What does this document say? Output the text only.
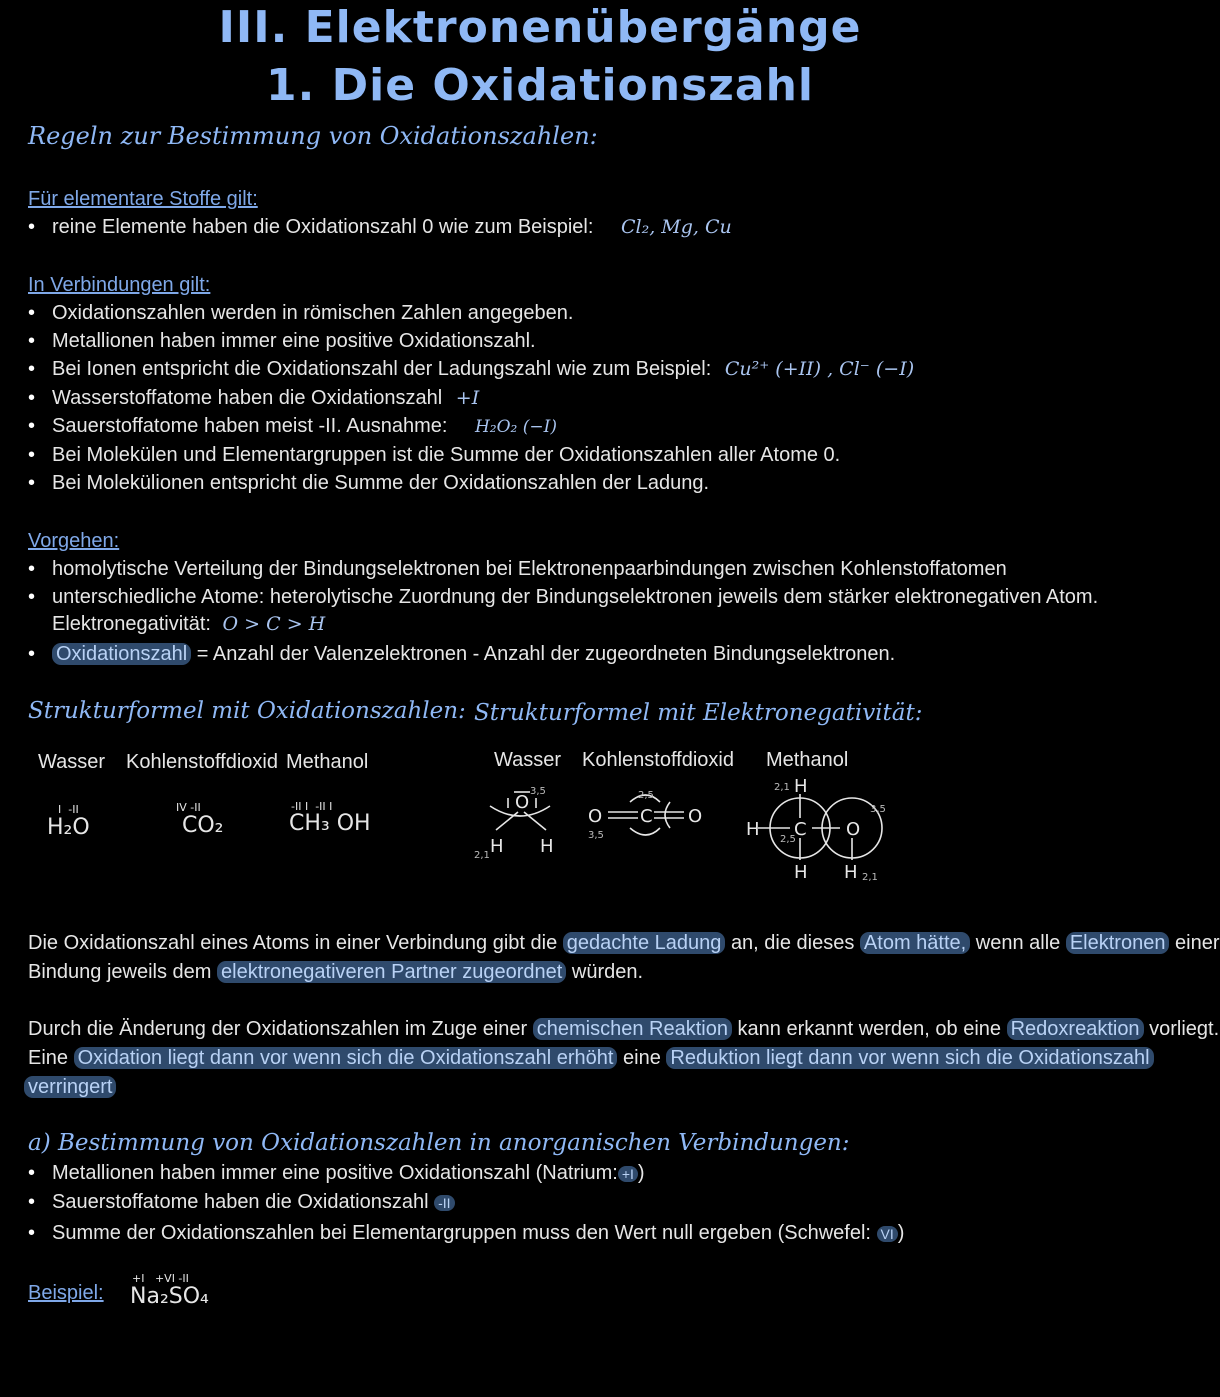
III. Elektronenübergänge
1. Die Oxidationszahl
Regeln zur Bestimmung von Oxidationszahlen:
Für elementare Stoffe gilt:
• reine Elemente haben die Oxidationszahl 0 wie zum Beispiel: Cl₂, Mg, Cu
In Verbindungen gilt:
• Oxidationszahlen werden in römischen Zahlen angegeben.
• Metallionen haben immer eine positive Oxidationszahl.
• Bei Ionen entspricht die Oxidationszahl der Ladungszahl wie zum Beispiel: Cu²⁺ (+II) , Cl⁻ (−I)
• Wasserstoffatome haben die Oxidationszahl +I
• Sauerstoffatome haben meist -II. Ausnahme: H₂O₂ (−I)
• Bei Molekülen und Elementargruppen ist die Summe der Oxidationszahlen aller Atome 0.
• Bei Molekülionen entspricht die Summe der Oxidationszahlen der Ladung.
Vorgehen:
• homolytische Verteilung der Bindungselektronen bei Elektronenpaarbindungen zwischen Kohlenstoffatomen
• unterschiedliche Atome: heterolytische Zuordnung der Bindungselektronen jeweils dem stärker elektronegativen Atom.
Elektronegativität: O > C > H
• Oxidationszahl = Anzahl der Valenzelektronen - Anzahl der zugeordneten Bindungselektronen.
Strukturformel mit Oxidationszahlen:
Wasser Kohlenstoffdioxid Methanol
I  -II
H₂O
IV -II
CO₂
-II I  -II I
CH₃ OH
Strukturformel mit Elektronegativität:
Wasser Kohlenstoffdioxid Methanol
O
H H
O C O
H
H C O
H H
3,5
2,1
2,5
3,5
2,1
2,5
3,5
2,1
Die Oxidationszahl eines Atoms in einer Verbindung gibt die gedachte Ladung an, die dieses Atom hätte, wenn alle Elektronen einer
Bindung jeweils dem elektronegativeren Partner zugeordnet würden.
Durch die Änderung der Oxidationszahlen im Zuge einer chemischen Reaktion kann erkannt werden, ob eine Redoxreaktion vorliegt.
Eine Oxidation liegt dann vor wenn sich die Oxidationszahl erhöht eine Reduktion liegt dann vor wenn sich die Oxidationszahl
verringert
a) Bestimmung von Oxidationszahlen in anorganischen Verbindungen:
• Metallionen haben immer eine positive Oxidationszahl (Natrium: +I )
• Sauerstoffatome haben die Oxidationszahl -II
• Summe der Oxidationszahlen bei Elementargruppen muss den Wert null ergeben (Schwefel: VI )
Beispiel:
+I   +VI -II
Na₂SO₄
